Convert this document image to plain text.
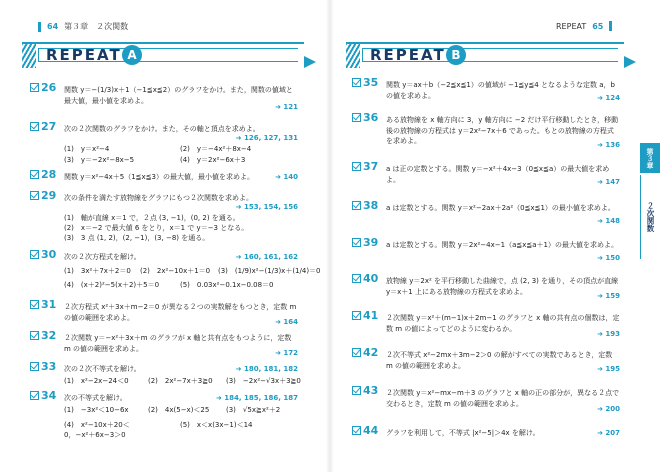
64 第３章　２次関数
REPEAT A
26 関数 y＝−(1/3)x＋1（−1≦x≦2）のグラフをかけ。また，関数の値域と最大値，最小値を求めよ。
➜ 121
27 次の２次関数のグラフをかけ。また，その軸と頂点を求めよ。
➜ 126, 127, 131
(1)　y＝x²−4	(2)　y＝−4x²＋8x−4
(3)　y＝−2x²−8x−5	(4)　y＝2x²−6x＋3
28 関数 y＝x²−4x＋5（1≦x≦3）の最大値，最小値を求めよ。	➜ 140
29 次の条件を満たす放物線をグラフにもつ２次関数を求めよ。
➜ 153, 154, 156
(1)　軸が直線 x＝1 で，２点 (3, −1)，(0, 2) を通る。
(2)　x＝−2 で最大値 6 をとり，x＝1 で y＝−3 となる。
(3)　3 点 (1, 2)，(2, −1)，(3, −8) を通る。
30 次の２次方程式を解け。	➜ 160, 161, 162
(1)　3x²＋7x＋2＝0 (2)　2x²−10x＋1＝0 (3)　(1/9)x²−(1/3)x＋(1/4)＝0
(4)　(x＋2)²−5(x＋2)＋5＝0	(5)　0.03x²−0.1x−0.08＝0
31 ２次方程式 x²＋3x＋m−2＝0 が異なる２つの実数解をもつとき，定数 m の値の範囲を求めよ。
➜ 164
32 ２次関数 y＝−x²＋3x＋m のグラフが x 軸と共有点をもつように，定数 m の値の範囲を求めよ。
➜ 172
33 次の２次不等式を解け。	➜ 180, 181, 182
(1)　x²−2x−24＜0	(2)　2x²−7x＋3≧0 (3)　−2x²−√3x＋3≧0
34 次の不等式を解け。	➜ 184, 185, 186, 187
(1)　−3x²＜10−6x	(2)　4x(5−x)＜25 (3)　√5x≧x²＋2
(4)　x²−10x＋20＜0，−x²＋6x−3＞0
(5)　x＜x(3x−1)＜14
REPEAT 65
REPEAT B
35 関数 y＝ax＋b（−2≦x≦1）の値域が −1≦y≦4 となるような定数 a，b の値を求めよ。	➜ 124
36 ある放物線を x 軸方向に 3，y 軸方向に −2 だけ平行移動したとき，移動後の放物線の方程式は y＝2x²−7x＋6 であった。もとの放物線の方程式を求めよ。	➜ 136
37 a は正の定数とする。関数 y＝−x²＋4x−3（0≦x≦a）の最大値を求めよ。	➜ 147
38 a は定数とする。関数 y＝x²−2ax＋2a²（0≦x≦1）の最小値を求めよ。
➜ 148
39 a は定数とする。関数 y＝2x²−4x−1（a≦x≦a＋1）の最大値を求めよ。
➜ 150
40 放物線 y＝2x² を平行移動した曲線で，点 (2, 3) を通り，その頂点が直線 y＝x＋1 上にある放物線の方程式を求めよ。
➜ 159
41 ２次関数 y＝x²＋(m−1)x＋2m−1 のグラフと x 軸の共有点の個数は，定数 m の値によってどのように変わるか。
➜ 193
42 ２次不等式 x²−2mx＋3m−2＞0 の解がすべての実数であるとき，定数 m の値の範囲を求めよ。	➜ 195
43 ２次関数 y＝x²−mx−m＋3 のグラフと x 軸の正の部分が，異なる２点で交わるとき，定数 m の値の範囲を求めよ。
➜ 200
44 グラフを利用して，不等式 |x²−5|＞4x を解け。	➜ 207
第３章
２次関数
